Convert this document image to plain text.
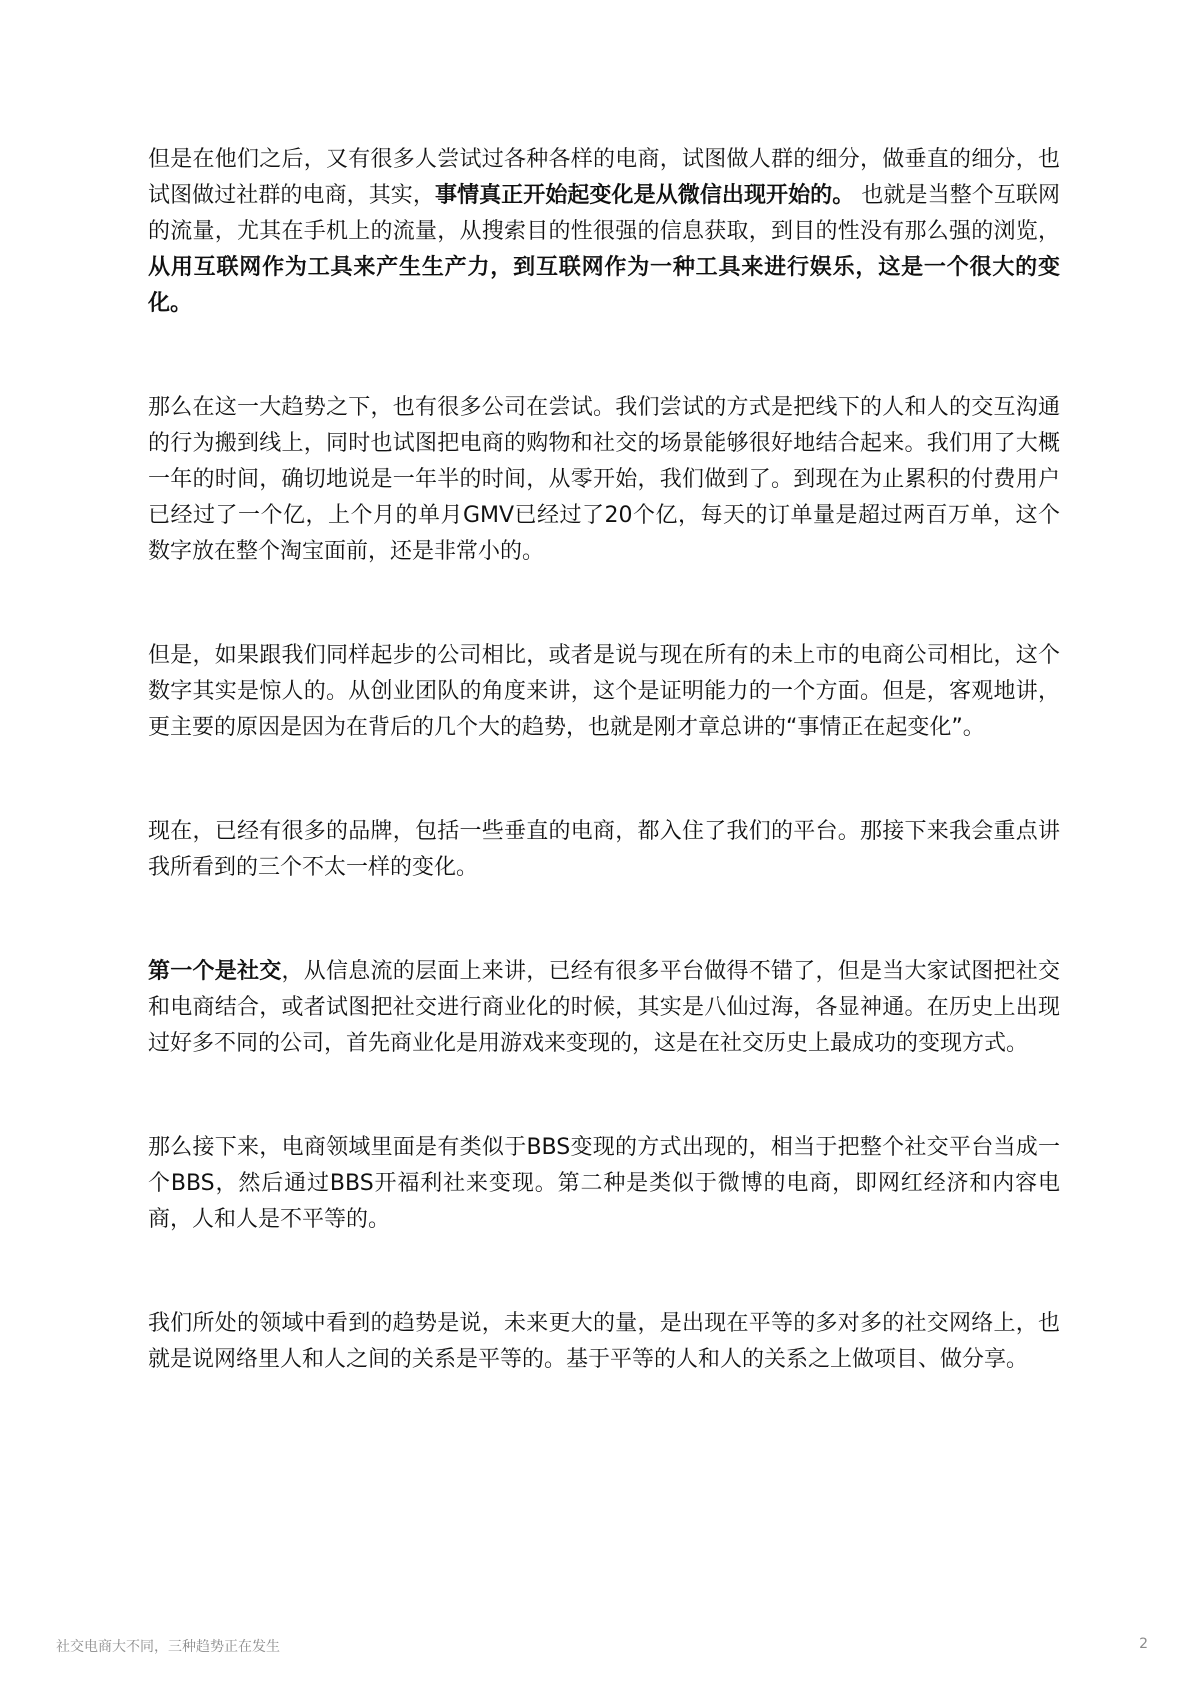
但是在他们之后，又有很多人尝试过各种各样的电商，试图做人群的细分，做垂直的细分，也试图做过社群的电商，其实，事情真正开始起变化是从微信出现开始的。 也就是当整个互联网的流量，尤其在手机上的流量，从搜索目的性很强的信息获取，到目的性没有那么强的浏览，从用互联网作为工具来产生生产力，到互联网作为一种工具来进行娱乐，这是一个很大的变化。

那么在这一大趋势之下，也有很多公司在尝试。我们尝试的方式是把线下的人和人的交互沟通的行为搬到线上，同时也试图把电商的购物和社交的场景能够很好地结合起来。我们用了大概一年的时间，确切地说是一年半的时间，从零开始，我们做到了。到现在为止累积的付费用户已经过了一个亿，上个月的单月GMV已经过了20个亿，每天的订单量是超过两百万单，这个数字放在整个淘宝面前，还是非常小的。

但是，如果跟我们同样起步的公司相比，或者是说与现在所有的未上市的电商公司相比，这个数字其实是惊人的。从创业团队的角度来讲，这个是证明能力的一个方面。但是，客观地讲，更主要的原因是因为在背后的几个大的趋势，也就是刚才章总讲的“事情正在起变化”。

现在，已经有很多的品牌，包括一些垂直的电商，都入住了我们的平台。那接下来我会重点讲我所看到的三个不太一样的变化。

第一个是社交，从信息流的层面上来讲，已经有很多平台做得不错了，但是当大家试图把社交和电商结合，或者试图把社交进行商业化的时候，其实是八仙过海，各显神通。在历史上出现过好多不同的公司，首先商业化是用游戏来变现的，这是在社交历史上最成功的变现方式。

那么接下来，电商领域里面是有类似于BBS变现的方式出现的，相当于把整个社交平台当成一个BBS，然后通过BBS开福利社来变现。第二种是类似于微博的电商，即网红经济和内容电商，人和人是不平等的。

我们所处的领域中看到的趋势是说，未来更大的量，是出现在平等的多对多的社交网络上，也就是说网络里人和人之间的关系是平等的。基于平等的人和人的关系之上做项目、做分享。

社交电商大不同，三种趋势正在发生	2
